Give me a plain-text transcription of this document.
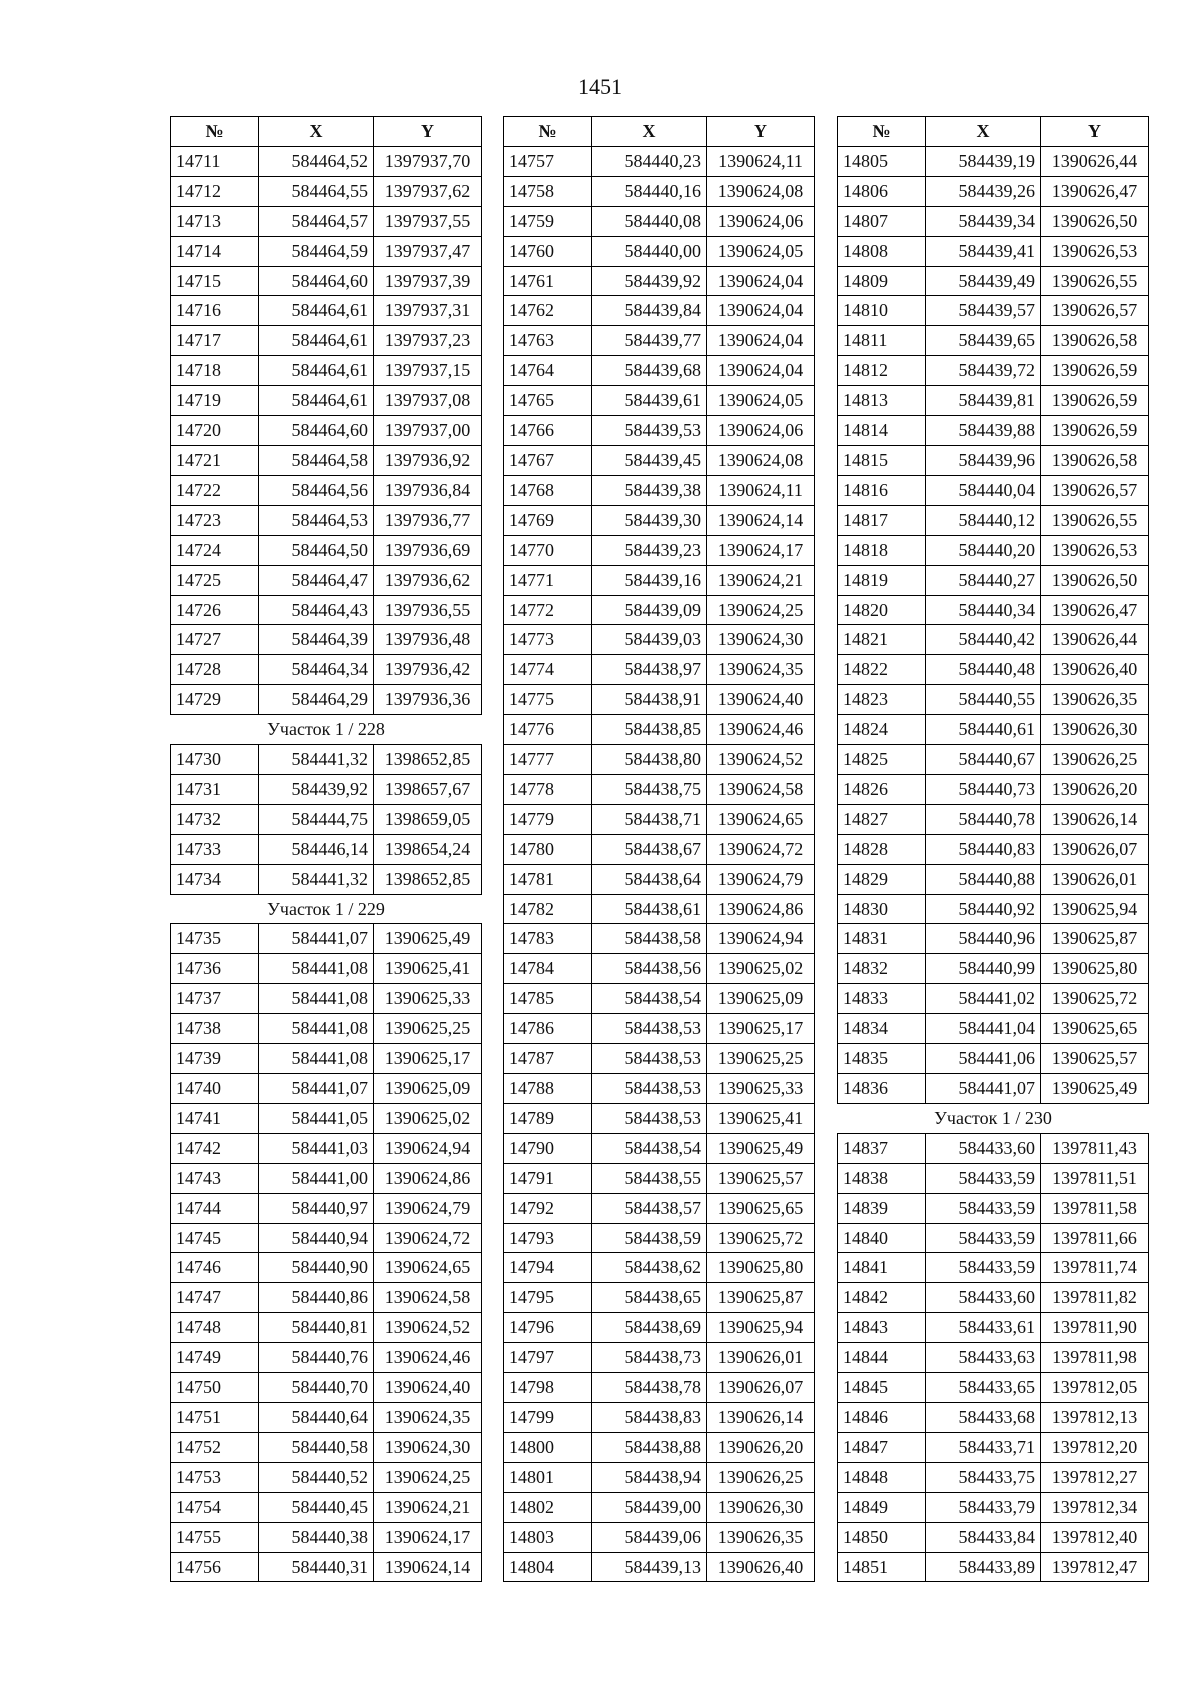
1451
№	X	Y
14711	584464,52	1397937,70
14712	584464,55	1397937,62
14713	584464,57	1397937,55
14714	584464,59	1397937,47
14715	584464,60	1397937,39
14716	584464,61	1397937,31
14717	584464,61	1397937,23
14718	584464,61	1397937,15
14719	584464,61	1397937,08
14720	584464,60	1397937,00
14721	584464,58	1397936,92
14722	584464,56	1397936,84
14723	584464,53	1397936,77
14724	584464,50	1397936,69
14725	584464,47	1397936,62
14726	584464,43	1397936,55
14727	584464,39	1397936,48
14728	584464,34	1397936,42
14729	584464,29	1397936,36
Участок 1 / 228		
14730	584441,32	1398652,85
14731	584439,92	1398657,67
14732	584444,75	1398659,05
14733	584446,14	1398654,24
14734	584441,32	1398652,85
Участок 1 / 229		
14735	584441,07	1390625,49
14736	584441,08	1390625,41
14737	584441,08	1390625,33
14738	584441,08	1390625,25
14739	584441,08	1390625,17
14740	584441,07	1390625,09
14741	584441,05	1390625,02
14742	584441,03	1390624,94
14743	584441,00	1390624,86
14744	584440,97	1390624,79
14745	584440,94	1390624,72
14746	584440,90	1390624,65
14747	584440,86	1390624,58
14748	584440,81	1390624,52
14749	584440,76	1390624,46
14750	584440,70	1390624,40
14751	584440,64	1390624,35
14752	584440,58	1390624,30
14753	584440,52	1390624,25
14754	584440,45	1390624,21
14755	584440,38	1390624,17
14756	584440,31	1390624,14
№	X	Y
14757	584440,23	1390624,11
14758	584440,16	1390624,08
14759	584440,08	1390624,06
14760	584440,00	1390624,05
14761	584439,92	1390624,04
14762	584439,84	1390624,04
14763	584439,77	1390624,04
14764	584439,68	1390624,04
14765	584439,61	1390624,05
14766	584439,53	1390624,06
14767	584439,45	1390624,08
14768	584439,38	1390624,11
14769	584439,30	1390624,14
14770	584439,23	1390624,17
14771	584439,16	1390624,21
14772	584439,09	1390624,25
14773	584439,03	1390624,30
14774	584438,97	1390624,35
14775	584438,91	1390624,40
14776	584438,85	1390624,46
14777	584438,80	1390624,52
14778	584438,75	1390624,58
14779	584438,71	1390624,65
14780	584438,67	1390624,72
14781	584438,64	1390624,79
14782	584438,61	1390624,86
14783	584438,58	1390624,94
14784	584438,56	1390625,02
14785	584438,54	1390625,09
14786	584438,53	1390625,17
14787	584438,53	1390625,25
14788	584438,53	1390625,33
14789	584438,53	1390625,41
14790	584438,54	1390625,49
14791	584438,55	1390625,57
14792	584438,57	1390625,65
14793	584438,59	1390625,72
14794	584438,62	1390625,80
14795	584438,65	1390625,87
14796	584438,69	1390625,94
14797	584438,73	1390626,01
14798	584438,78	1390626,07
14799	584438,83	1390626,14
14800	584438,88	1390626,20
14801	584438,94	1390626,25
14802	584439,00	1390626,30
14803	584439,06	1390626,35
14804	584439,13	1390626,40
№	X	Y
14805	584439,19	1390626,44
14806	584439,26	1390626,47
14807	584439,34	1390626,50
14808	584439,41	1390626,53
14809	584439,49	1390626,55
14810	584439,57	1390626,57
14811	584439,65	1390626,58
14812	584439,72	1390626,59
14813	584439,81	1390626,59
14814	584439,88	1390626,59
14815	584439,96	1390626,58
14816	584440,04	1390626,57
14817	584440,12	1390626,55
14818	584440,20	1390626,53
14819	584440,27	1390626,50
14820	584440,34	1390626,47
14821	584440,42	1390626,44
14822	584440,48	1390626,40
14823	584440,55	1390626,35
14824	584440,61	1390626,30
14825	584440,67	1390626,25
14826	584440,73	1390626,20
14827	584440,78	1390626,14
14828	584440,83	1390626,07
14829	584440,88	1390626,01
14830	584440,92	1390625,94
14831	584440,96	1390625,87
14832	584440,99	1390625,80
14833	584441,02	1390625,72
14834	584441,04	1390625,65
14835	584441,06	1390625,57
14836	584441,07	1390625,49
Участок 1 / 230		
14837	584433,60	1397811,43
14838	584433,59	1397811,51
14839	584433,59	1397811,58
14840	584433,59	1397811,66
14841	584433,59	1397811,74
14842	584433,60	1397811,82
14843	584433,61	1397811,90
14844	584433,63	1397811,98
14845	584433,65	1397812,05
14846	584433,68	1397812,13
14847	584433,71	1397812,20
14848	584433,75	1397812,27
14849	584433,79	1397812,34
14850	584433,84	1397812,40
14851	584433,89	1397812,47
